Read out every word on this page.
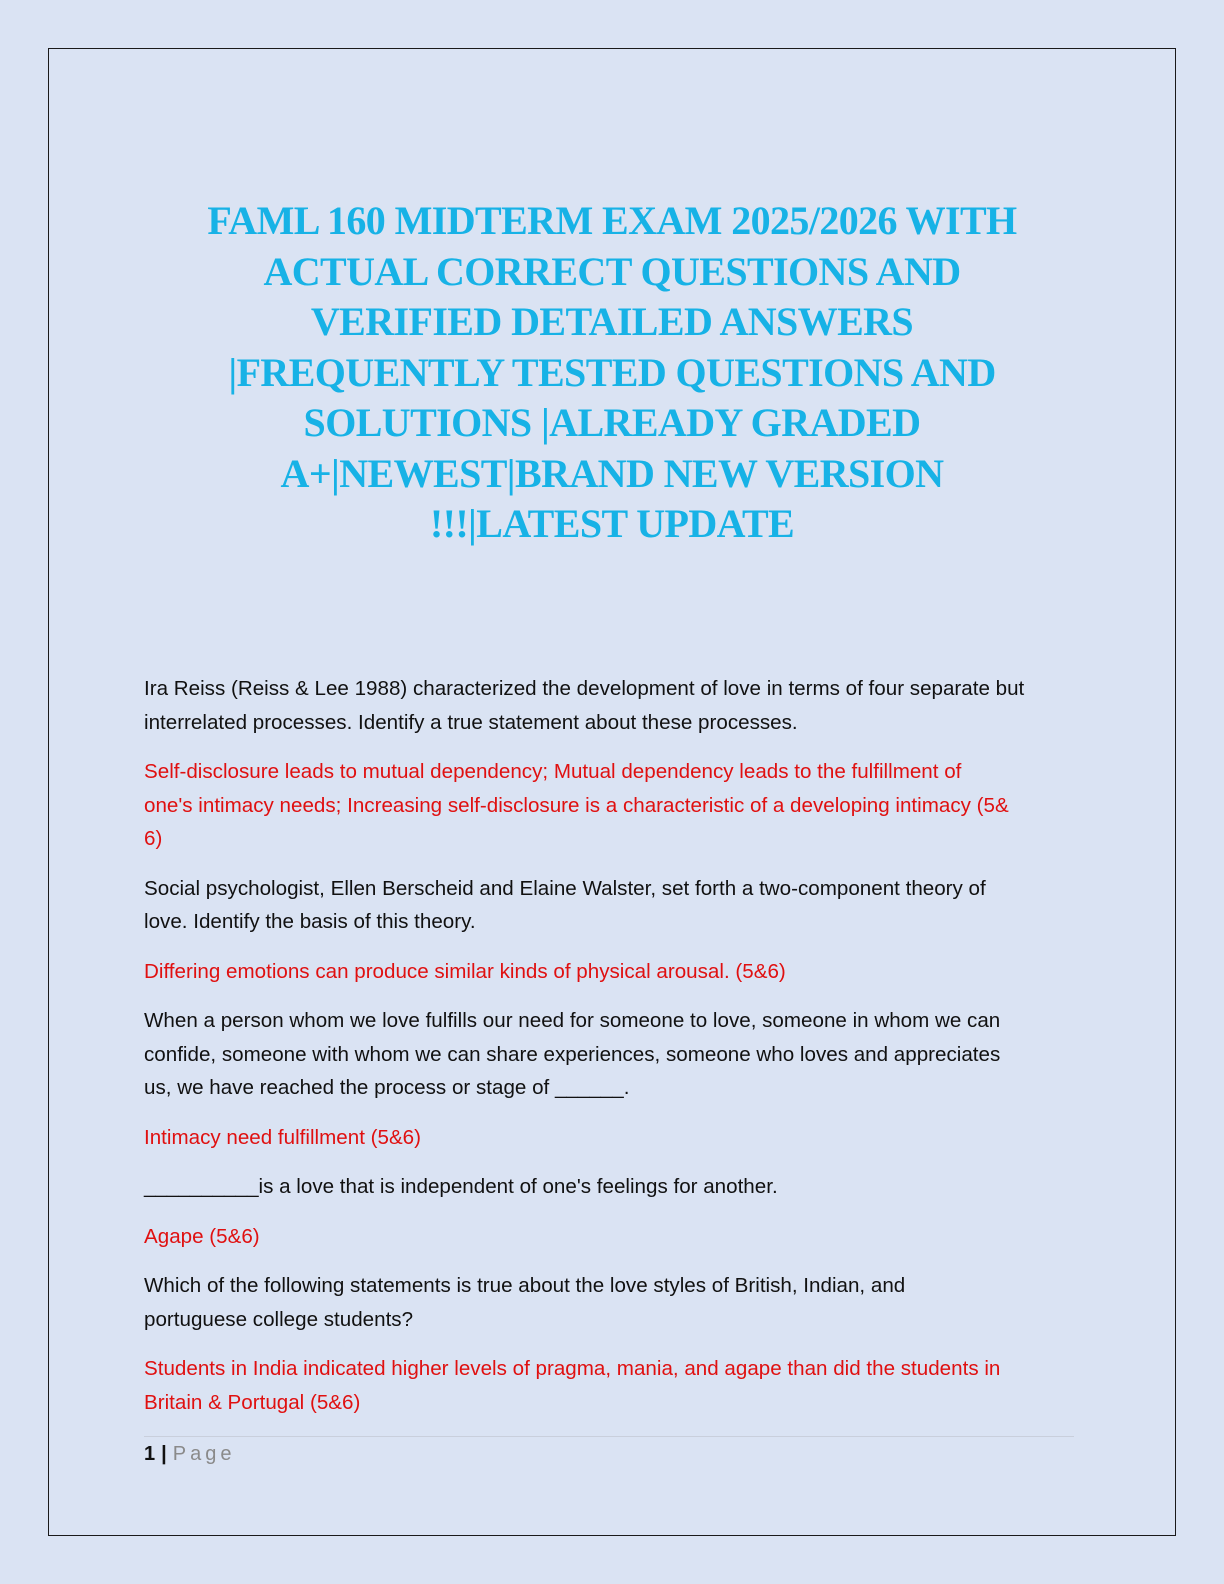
FAML 160 MIDTERM EXAM 2025/2026 WITH
ACTUAL CORRECT QUESTIONS AND
VERIFIED DETAILED ANSWERS
|FREQUENTLY TESTED QUESTIONS AND
SOLUTIONS |ALREADY GRADED
A+|NEWEST|BRAND NEW VERSION
!!!|LATEST UPDATE

Ira Reiss (Reiss & Lee 1988) characterized the development of love in terms of four separate but
interrelated processes. Identify a true statement about these processes.

Self-disclosure leads to mutual dependency; Mutual dependency leads to the fulfillment of
one's intimacy needs; Increasing self-disclosure is a characteristic of a developing intimacy (5&
6)

Social psychologist, Ellen Berscheid and Elaine Walster, set forth a two-component theory of
love. Identify the basis of this theory.

Differing emotions can produce similar kinds of physical arousal. (5&6)

When a person whom we love fulfills our need for someone to love, someone in whom we can
confide, someone with whom we can share experiences, someone who loves and appreciates
us, we have reached the process or stage of ______.

Intimacy need fulfillment (5&6)

__________is a love that is independent of one's feelings for another.

Agape (5&6)

Which of the following statements is true about the love styles of British, Indian, and
portuguese college students?

Students in India indicated higher levels of pragma, mania, and agape than did the students in
Britain & Portugal (5&6)

1 | Page
